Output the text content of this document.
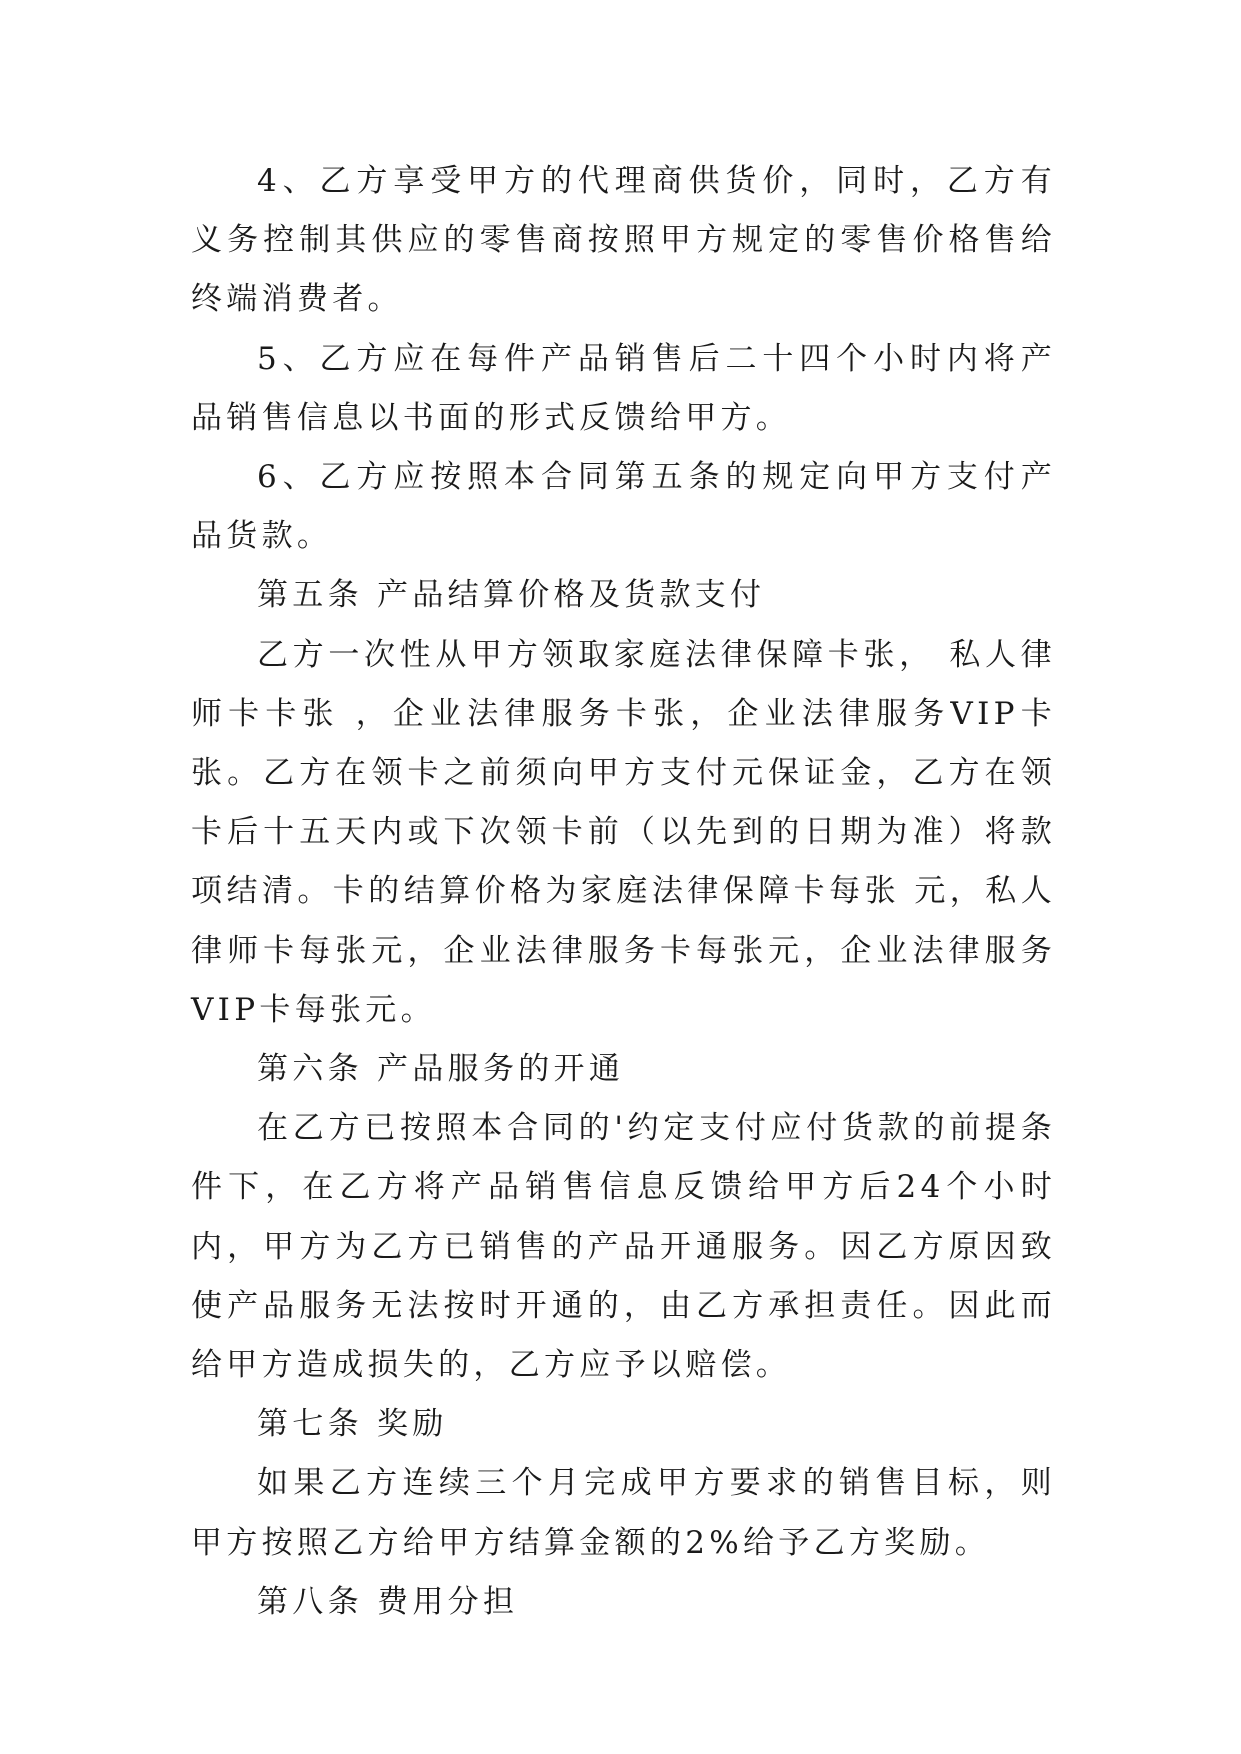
4、乙方享受甲方的代理商供货价，同时，乙方有义务控制其供应的零售商按照甲方规定的零售价格售给终端消费者。

5、乙方应在每件产品销售后二十四个小时内将产品销售信息以书面的形式反馈给甲方。

6、乙方应按照本合同第五条的规定向甲方支付产品货款。

第五条 产品结算价格及货款支付

乙方一次性从甲方领取家庭法律保障卡张， 私人律师卡卡张 ，企业法律服务卡张，企业法律服务VIP卡张。乙方在领卡之前须向甲方支付元保证金，乙方在领卡后十五天内或下次领卡前（以先到的日期为准）将款项结清。卡的结算价格为家庭法律保障卡每张 元，私人律师卡每张元，企业法律服务卡每张元，企业法律服务VIP卡每张元。

第六条 产品服务的开通

在乙方已按照本合同的'约定支付应付货款的前提条件下，在乙方将产品销售信息反馈给甲方后24个小时内，甲方为乙方已销售的产品开通服务。因乙方原因致使产品服务无法按时开通的，由乙方承担责任。因此而给甲方造成损失的，乙方应予以赔偿。

第七条 奖励

如果乙方连续三个月完成甲方要求的销售目标，则甲方按照乙方给甲方结算金额的2%给予乙方奖励。

第八条 费用分担
